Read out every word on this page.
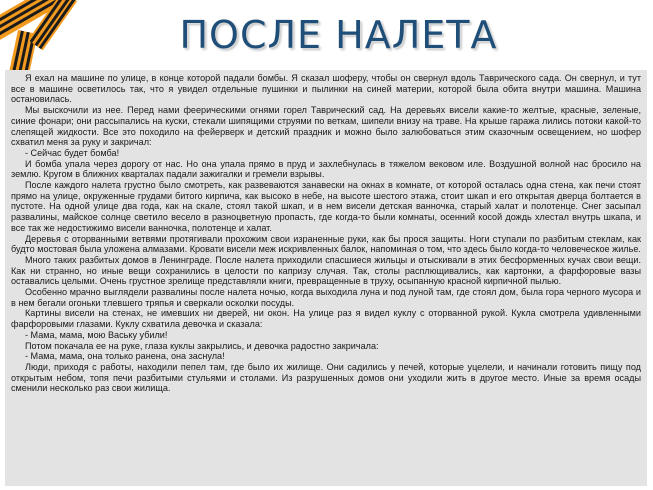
ПОСЛЕ НАЛЕТА

Я ехал на машине по улице, в конце которой падали бомбы. Я сказал шоферу, чтобы он свернул вдоль Таврического сада. Он свернул, и тут все в машине осветилось так, что я увидел отдельные пушинки и пылинки на синей материи, которой была обита внутри машина. Машина остановилась.

Мы выскочили из нее. Перед нами феерическими огнями горел Таврический сад. На деревьях висели какие-то желтые, красные, зеленые, синие фонари; они рассыпались на куски, стекали шипящими струями по веткам, шипели внизу на траве. На крыше гаража лились потоки какой-то слепящей жидкости. Все это походило на фейерверк и детский праздник и можно было залюбоваться этим сказочным освещением, но шофер схватил меня за руку и закричал:

- Сейчас будет бомба!

И бомба упала через дорогу от нас. Но она упала прямо в пруд и захлебнулась в тяжелом вековом иле. Воздушной волной нас бросило на землю. Кругом в ближних кварталах падали зажигалки и гремели взрывы.

После каждого налета грустно было смотреть, как развеваются занавески на окнах в комнате, от которой осталась одна стена, как печи стоят прямо на улице, окруженные грудами битого кирпича, как высоко в небе, на высоте шестого этажа, стоит шкап и его открытая дверца болтается в пустоте. На одной улице два года, как на скале, стоял такой шкап, и в нем висели детская ванночка, старый халат и полотенце. Снег засыпал развалины, майское солнце светило весело в разноцветную пропасть, где когда-то были комнаты, осенний косой дождь хлестал внутрь шкапа, и все так же недостижимо висели ванночка, полотенце и халат.

Деревья с оторванными ветвями протягивали прохожим свои израненные руки, как бы прося защиты. Ноги ступали по разбитым стеклам, как будто мостовая была уложена алмазами. Кровати висели меж искривленных балок, напоминая о том, что здесь было когда-то человеческое жилье.

Много таких разбитых домов в Ленинграде. После налета приходили спасшиеся жильцы и отыскивали в этих бесформенных кучах свои вещи. Как ни странно, но иные вещи сохранились в целости по капризу случая. Так, столы расплющивались, как картонки, а фарфоровые вазы оставались целыми. Очень грустное зрелище представляли книги, превращенные в труху, осыпанную красной кирпичной пылью.

Особенно мрачно выглядели развалины после налета ночью, когда выходила луна и под луной там, где стоял дом, была гора черного мусора и в нем бегали огоньки тлевшего тряпья и сверкали осколки посуды.

Картины висели на стенах, не имевших ни дверей, ни окон. На улице раз я видел куклу с оторванной рукой. Кукла смотрела удивленными фарфоровыми глазами. Куклу схватила девочка и сказала:

- Мама, мама, мою Ваську убили!

Потом покачала ее на руке, глаза куклы закрылись, и девочка радостно закричала:

- Мама, мама, она только ранена, она заснула!

Люди, приходя с работы, находили пепел там, где было их жилище. Они садились у печей, которые уцелели, и начинали готовить пищу под открытым небом, топя печи разбитыми стульями и столами. Из разрушенных домов они уходили жить в другое место. Иные за время осады сменили несколько раз свои жилища.
